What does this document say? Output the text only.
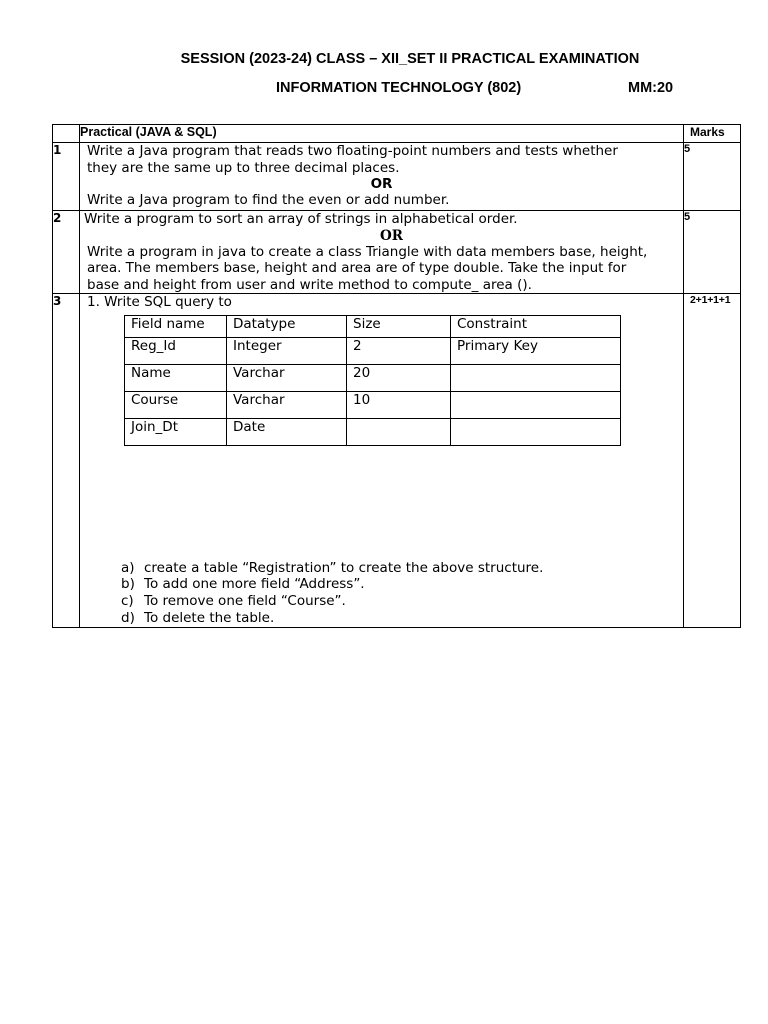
SESSION (2023-24) CLASS – XII_SET II PRACTICAL EXAMINATION
INFORMATION TECHNOLOGY (802)	MM:20
	Practical (JAVA & SQL)	Marks
1	Write a Java program that reads two floating-point numbers and tests whether
they are the same up to three decimal places.
OR
Write a Java program to find the even or add number.
	5
2	Write a program to sort an array of strings in alphabetical order.
OR
Write a program in java to create a class Triangle with data members base, height,
area. The members base, height and area are of type double. Take the input for
base and height from user and write method to compute_ area ().
	5
3	1. Write SQL query to
Field name	Datatype	Size	Constraint
Reg_Id	Integer	2	Primary Key
Name	Varchar	20	
Course	Varchar	10	
Join_Dt	Date		
a) create a table “Registration” to create the above structure.
b) To add one more field “Address”.
c) To remove one field “Course”.
d) To delete the table.
	2+1+1+1
